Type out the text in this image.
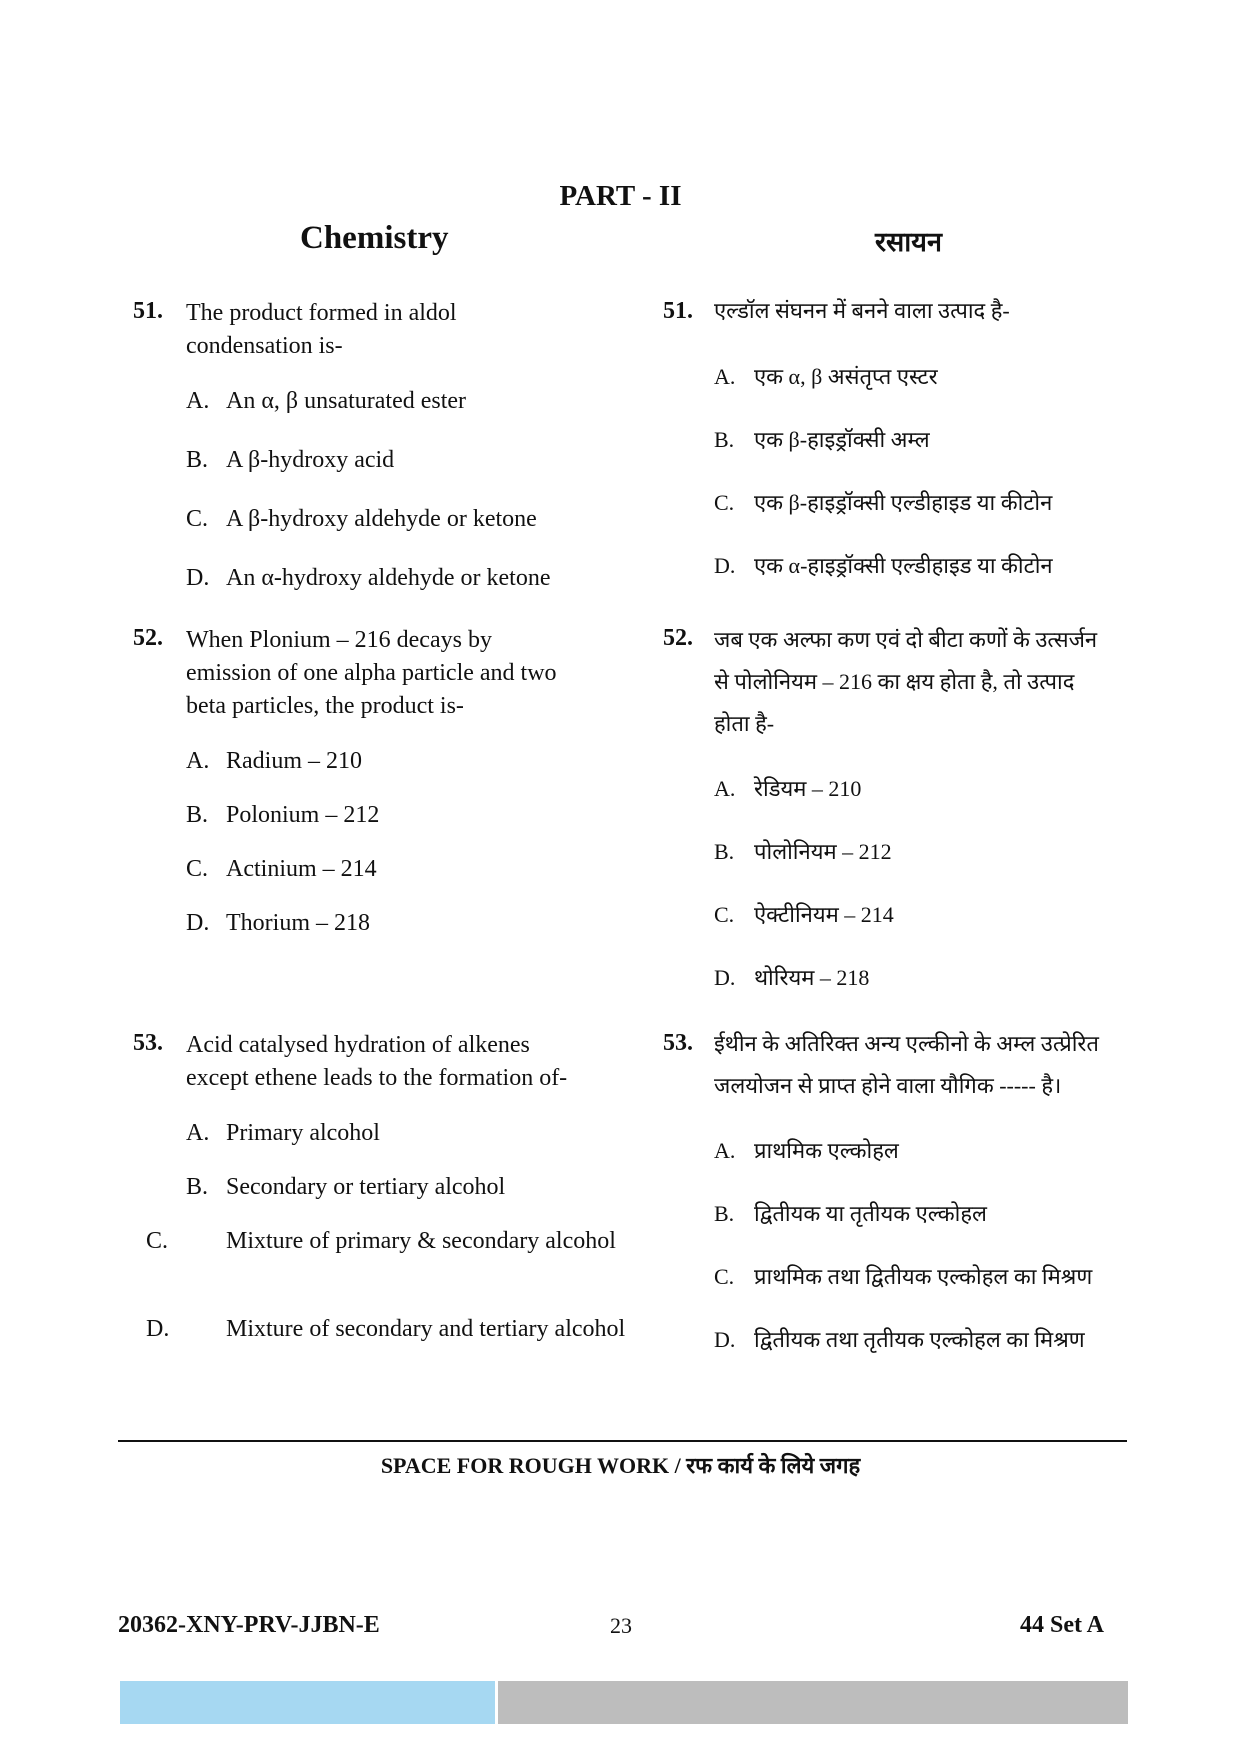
PART - II
Chemistry	रसायन
51. The product formed in aldol
condensation is-
A. An α, β unsaturated ester
B. A β-hydroxy acid
C. A β-hydroxy aldehyde or ketone
D. An α-hydroxy aldehyde or ketone
52. When Plonium – 216 decays by
emission of one alpha particle and two
beta particles, the product is-
A. Radium – 210
B. Polonium – 212
C. Actinium – 214
D. Thorium – 218
53. Acid catalysed hydration of alkenes
except ethene leads to the formation of-
A. Primary alcohol
B. Secondary or tertiary alcohol
C. Mixture of primary & secondary alcohol
D. Mixture of secondary and tertiary alcohol
51. एल्डॉल संघनन में बनने वाला उत्पाद है-
A. एक α, β असंतृप्त एस्टर
B. एक β-हाइड्रॉक्सी अम्ल
C. एक β-हाइड्रॉक्सी एल्डीहाइड या कीटोन
D. एक α-हाइड्रॉक्सी एल्डीहाइड या कीटोन
52. जब एक अल्फा कण एवं दो बीटा कणों के उत्सर्जन
से पोलोनियम – 216 का क्षय होता है, तो उत्पाद
होता है-
A. रेडियम – 210
B. पोलोनियम – 212
C. ऐक्टीनियम – 214
D. थोरियम – 218
53. ईथीन के अतिरिक्त अन्य एल्कीनो के अम्ल उत्प्रेरित
जलयोजन से प्राप्त होने वाला यौगिक ----- है।
A. प्राथमिक एल्कोहल
B. द्वितीयक या तृतीयक एल्कोहल
C. प्राथमिक तथा द्वितीयक एल्कोहल का मिश्रण
D. द्वितीयक तथा तृतीयक एल्कोहल का मिश्रण
SPACE FOR ROUGH WORK / रफ कार्य के लिये जगह
20362-XNY-PRV-JJBN-E	23	44 Set A
